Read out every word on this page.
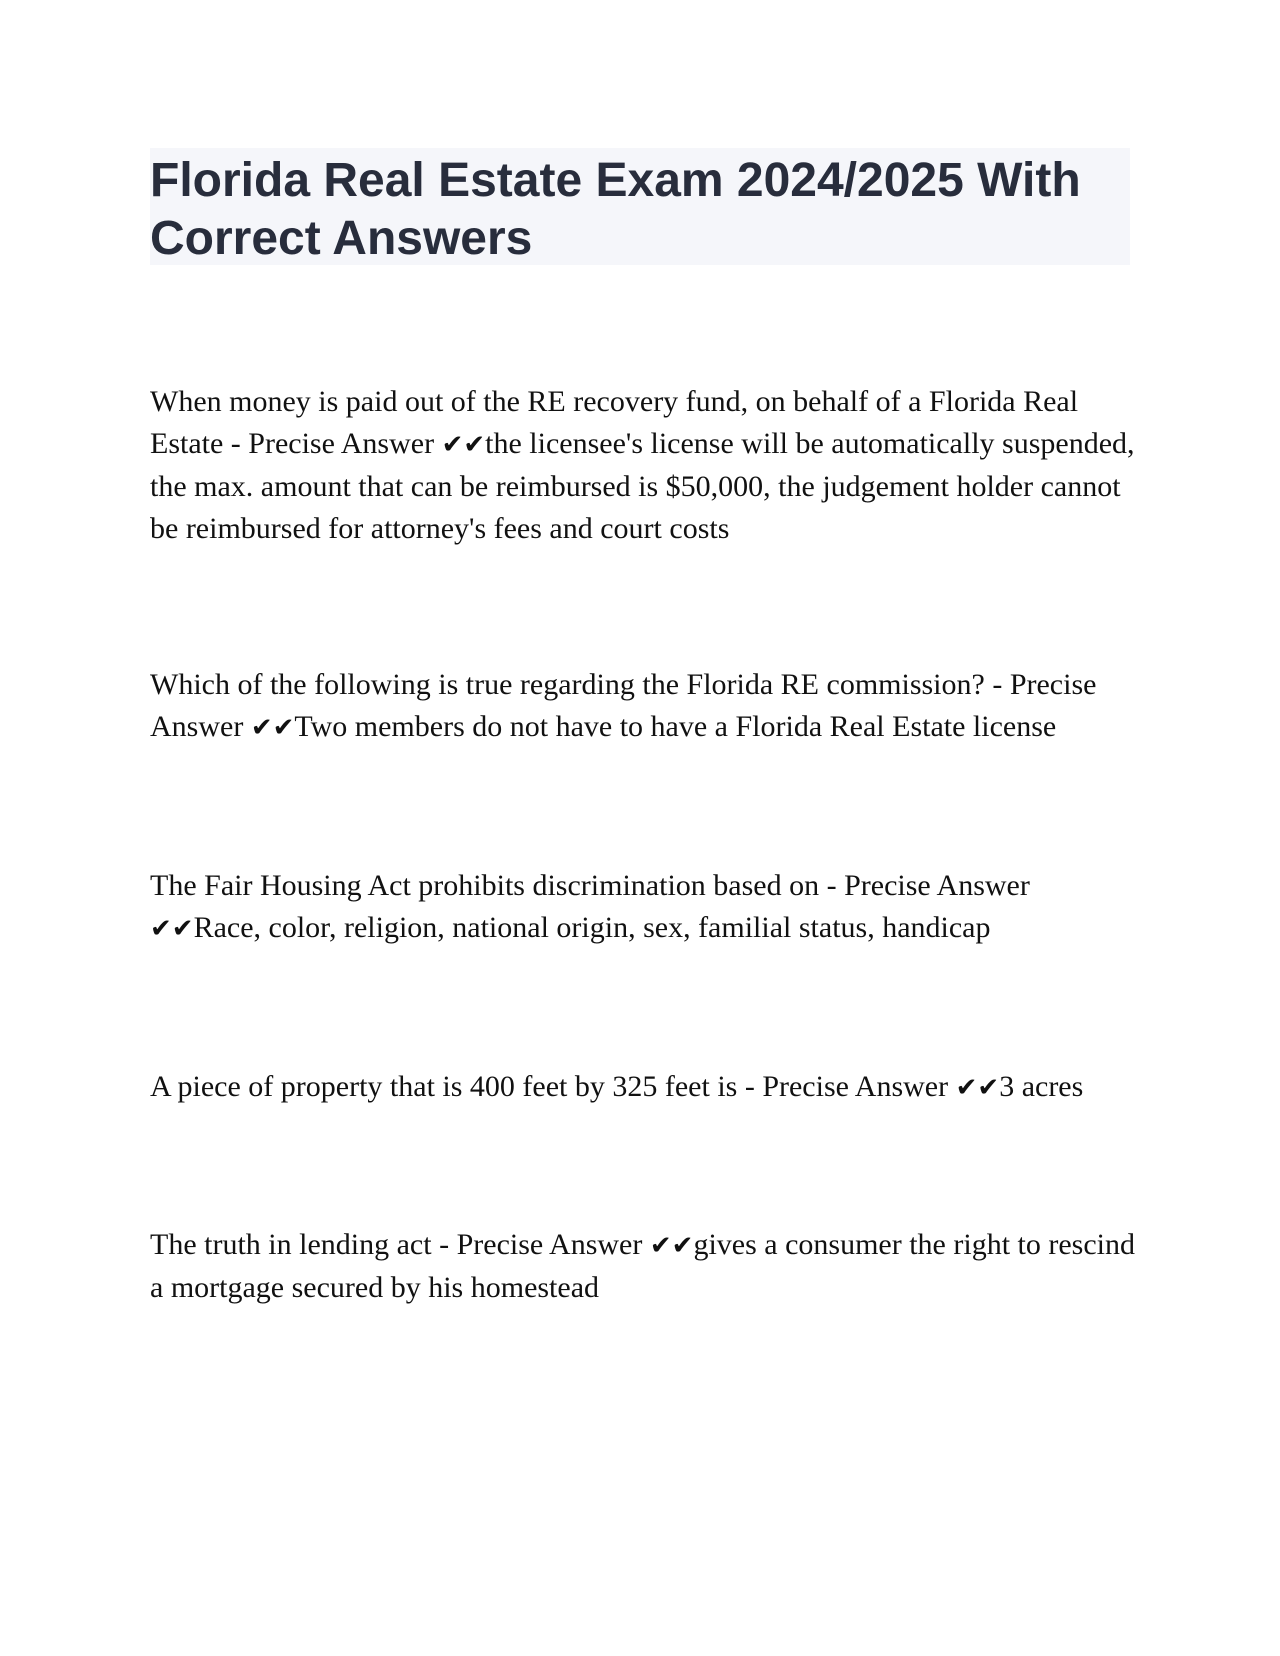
Florida Real Estate Exam 2024/2025 With Correct Answers

When money is paid out of the RE recovery fund, on behalf of a Florida Real Estate - Precise Answer ✔✔the licensee's license will be automatically suspended, the max. amount that can be reimbursed is $50,000, the judgement holder cannot be reimbursed for attorney's fees and court costs

Which of the following is true regarding the Florida RE commission? - Precise Answer ✔✔Two members do not have to have a Florida Real Estate license

The Fair Housing Act prohibits discrimination based on - Precise Answer ✔✔Race, color, religion, national origin, sex, familial status, handicap

A piece of property that is 400 feet by 325 feet is - Precise Answer ✔✔3 acres

The truth in lending act - Precise Answer ✔✔gives a consumer the right to rescind a mortgage secured by his homestead
